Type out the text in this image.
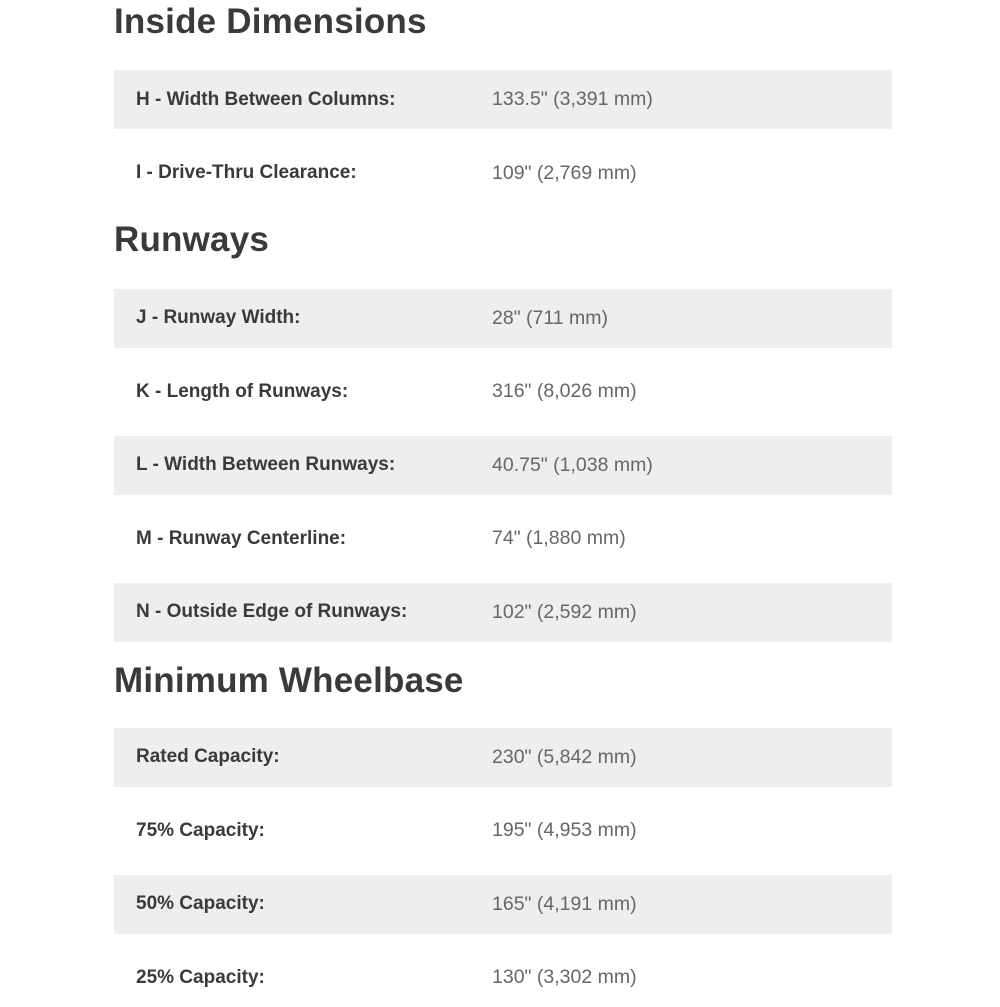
Inside Dimensions
H - Width Between Columns:	133.5" (3,391 mm)
I - Drive-Thru Clearance:	109" (2,769 mm)
Runways
J - Runway Width:	28" (711 mm)
K - Length of Runways:	316" (8,026 mm)
L - Width Between Runways:	40.75" (1,038 mm)
M - Runway Centerline:	74" (1,880 mm)
N - Outside Edge of Runways:	102" (2,592 mm)
Minimum Wheelbase
Rated Capacity:	230" (5,842 mm)
75% Capacity:	195" (4,953 mm)
50% Capacity:	165" (4,191 mm)
25% Capacity:	130" (3,302 mm)
